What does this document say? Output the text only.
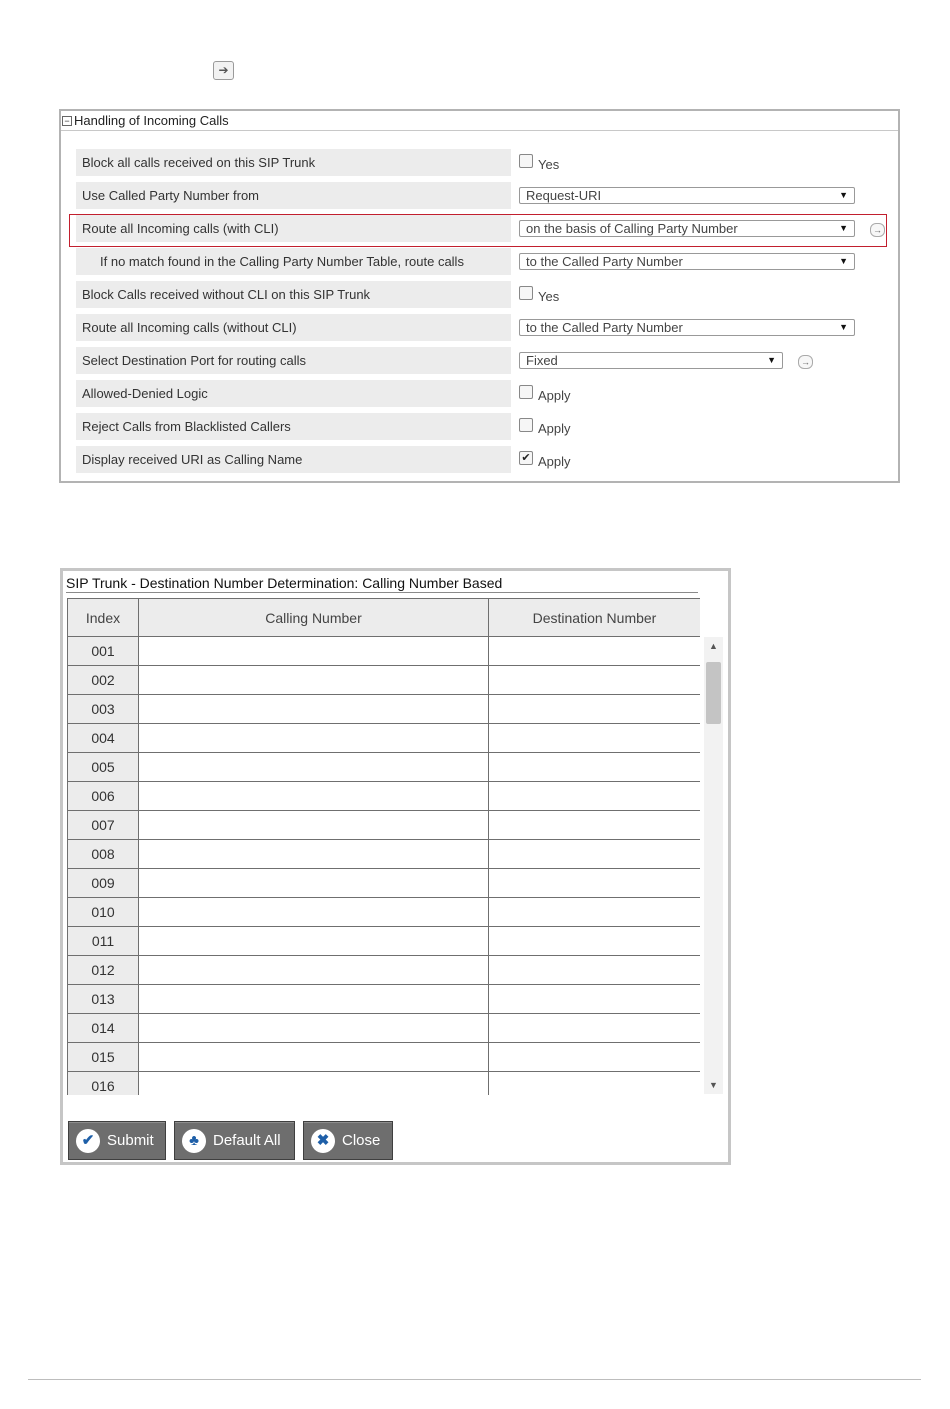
➔
− Handling of Incoming Calls
Block all calls received on this SIP Trunk	Yes
Use Called Party Number from	Request-URI	▼
Route all Incoming calls (with CLI)	on the basis of Calling Party Number	▼	→
If no match found in the Calling Party Number Table, route calls	to the Called Party Number	▼
Block Calls received without CLI on this SIP Trunk	Yes
Route all Incoming calls (without CLI)	to the Called Party Number	▼
Select Destination Port for routing calls	Fixed	▼	→
Allowed-Denied Logic	Apply
Reject Calls from Blacklisted Callers	Apply
Display received URI as Calling Name	✔ Apply
SIP Trunk - Destination Number Determination: Calling Number Based
Index	Calling Number	Destination Number
001		
002		
003		
004		
005		
006		
007		
008		
009		
010		
011		
012		
013		
014		
015		
016		
▲
▼
✔ Submit	♣ Default All	✖ Close
